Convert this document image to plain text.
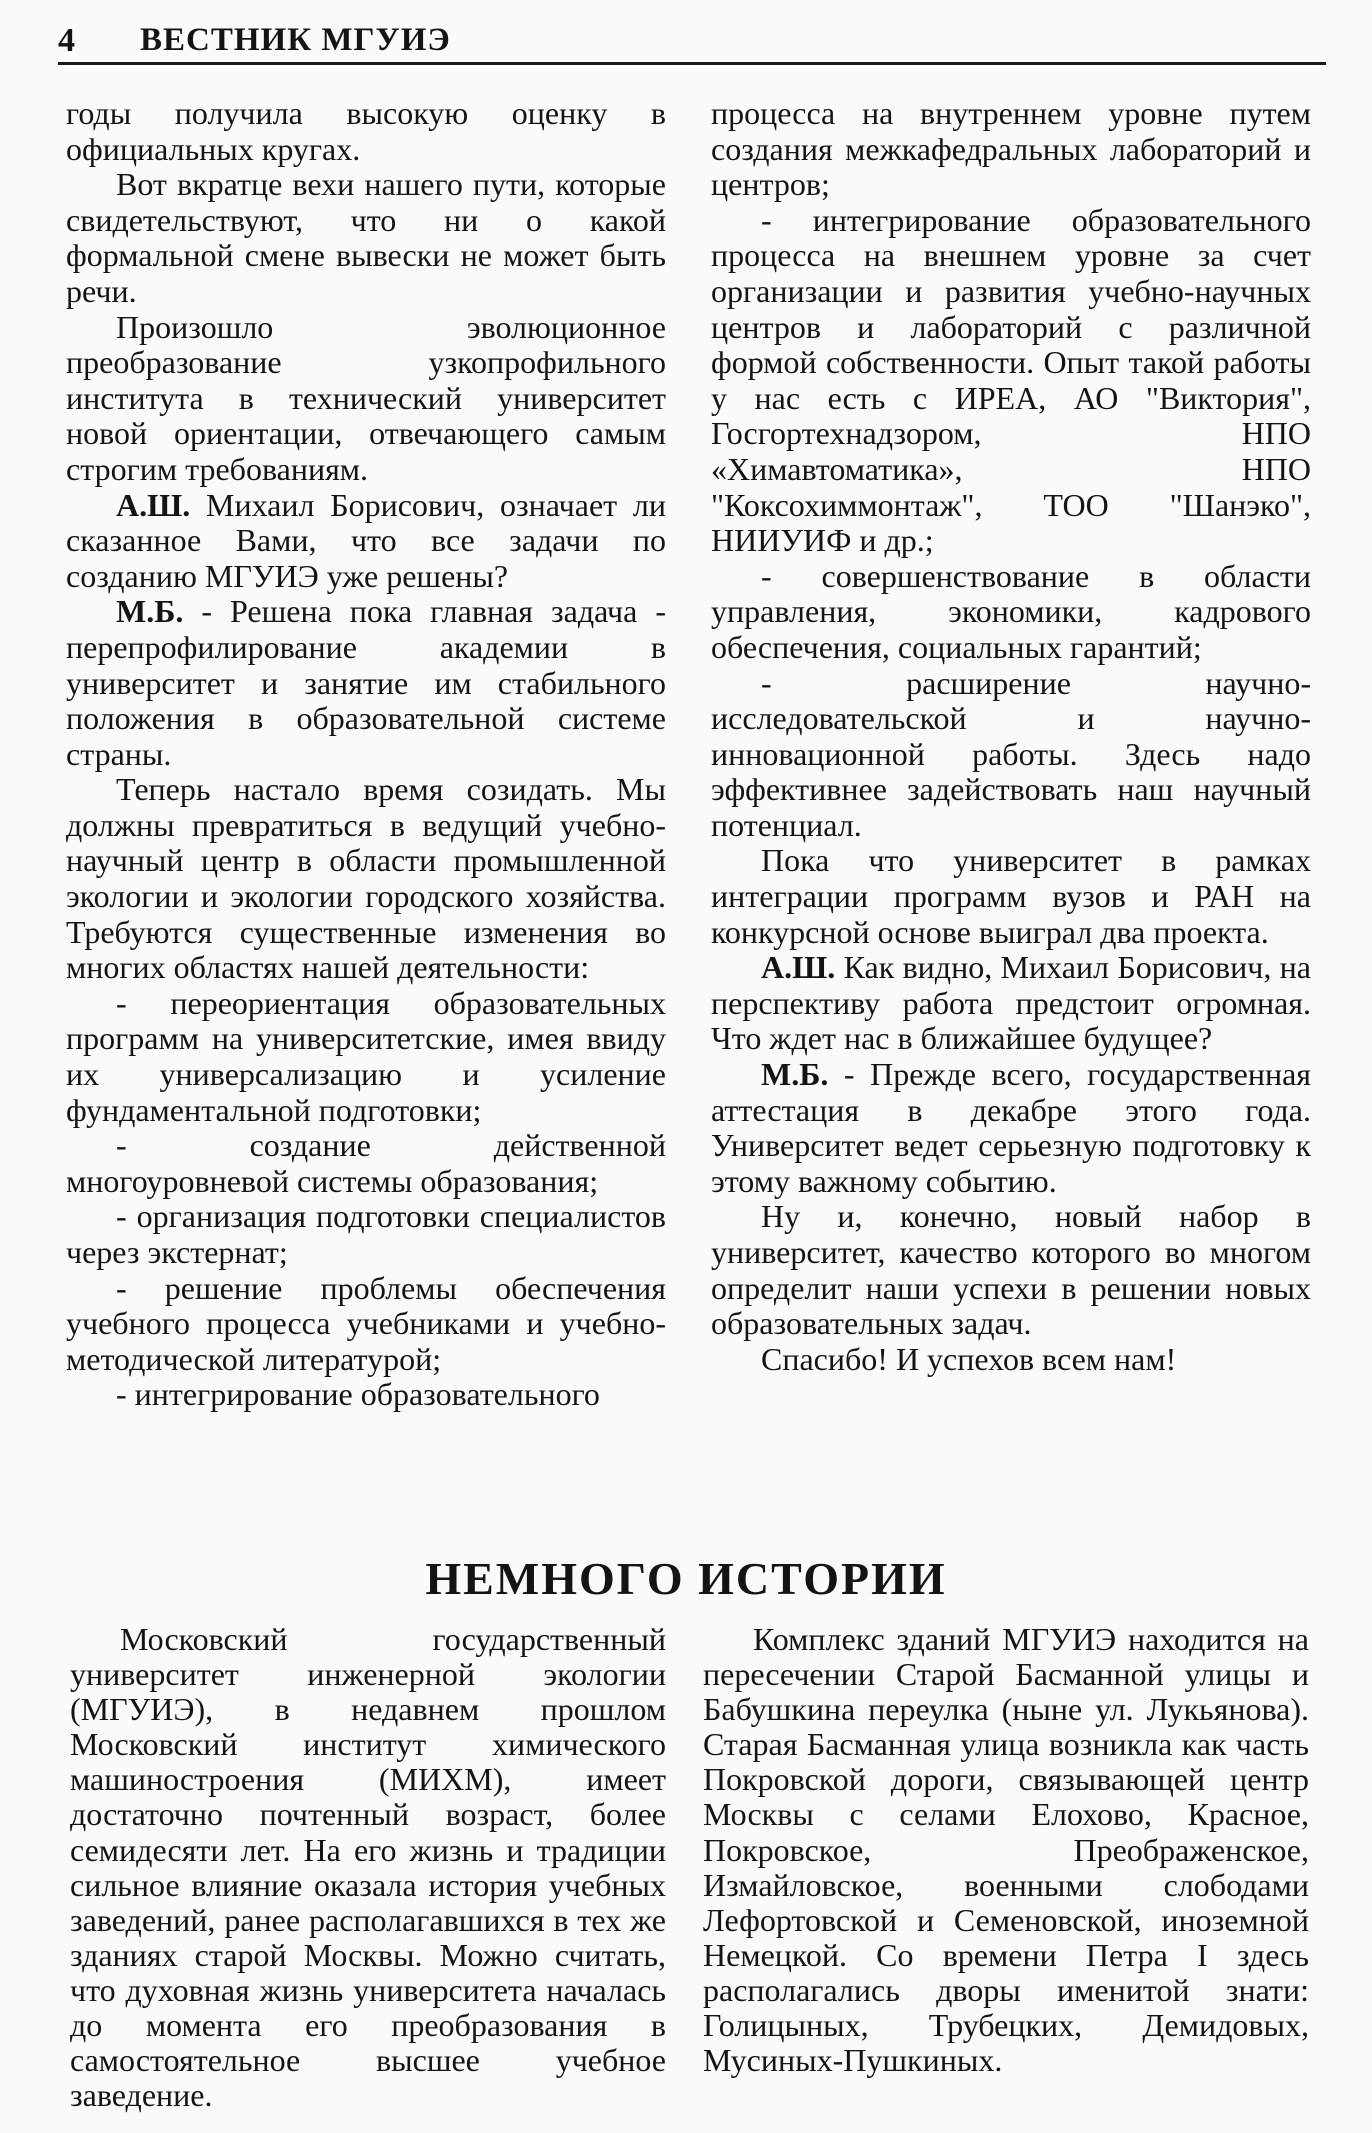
4 ВЕСТНИК МГУИЭ

годы получила высокую оценку в официальных кругах.

Вот вкратце вехи нашего пути, которые свидетельствуют, что ни о какой формальной смене вывески не может быть речи.

Произошло эволюционное преобразование узкопрофильного института в технический университет новой ориентации, отвечающего самым строгим требованиям.

А.Ш. Михаил Борисович, означает ли сказанное Вами, что все задачи по созданию МГУИЭ уже решены?

М.Б. - Решена пока главная задача - перепрофилирование академии в университет и занятие им стабильного положения в образовательной системе страны.

Теперь настало время созидать. Мы должны превратиться в ведущий учебно-научный центр в области промышленной экологии и экологии городского хозяйства. Требуются существенные изменения во многих областях нашей деятельности:

- переориентация образовательных программ на университетские, имея ввиду их универсализацию и усиление фундаментальной подготовки;

- создание действенной многоуровневой системы образования;

- организация подготовки специалистов через экстернат;

- решение проблемы обеспечения учебного процесса учебниками и учебно-методической литературой;

- интегрирование образовательного

процесса на внутреннем уровне путем создания межкафедральных лабораторий и центров;

- интегрирование образовательного процесса на внешнем уровне за счет организации и развития учебно-научных центров и лабораторий с различной формой собственности. Опыт такой работы у нас есть с ИРЕА, АО "Виктория", Госгортехнадзором, НПО «Химавтоматика», НПО "Коксохиммонтаж", ТОО "Шанэко", НИИУИФ и др.;

- совершенствование в области управления, экономики, кадрового обеспечения, социальных гарантий;

- расширение научно-исследовательской и научно-инновационной работы. Здесь надо эффективнее задействовать наш научный потенциал.

Пока что университет в рамках интеграции программ вузов и РАН на конкурсной основе выиграл два проекта.

А.Ш. Как видно, Михаил Борисович, на перспективу работа предстоит огромная. Что ждет нас в ближайшее будущее?

М.Б. - Прежде всего, государственная аттестация в декабре этого года. Университет ведет серьезную подготовку к этому важному событию.

Ну и, конечно, новый набор в университет, качество которого во многом определит наши успехи в решении новых образовательных задач.

Спасибо! И успехов всем нам!

НЕМНОГО ИСТОРИИ

Московский государственный университет инженерной экологии (МГУИЭ), в недавнем прошлом Московский институт химического машиностроения (МИХМ), имеет достаточно почтенный возраст, более семидесяти лет. На его жизнь и традиции сильное влияние оказала история учебных заведений, ранее располагавшихся в тех же зданиях старой Москвы. Можно считать, что духовная жизнь университета началась до момента его преобразования в самостоятельное высшее учебное заведение.

Комплекс зданий МГУИЭ находится на пересечении Старой Басманной улицы и Бабушкина переулка (ныне ул. Лукьянова). Старая Басманная улица возникла как часть Покровской дороги, связывающей центр Москвы с селами Елохово, Красное, Покровское, Преображенское, Измайловское, военными слободами Лефортовской и Семеновской, иноземной Немецкой. Со времени Петра I здесь располагались дворы именитой знати: Голицыных, Трубецких, Демидовых, Мусиных-Пушкиных.
